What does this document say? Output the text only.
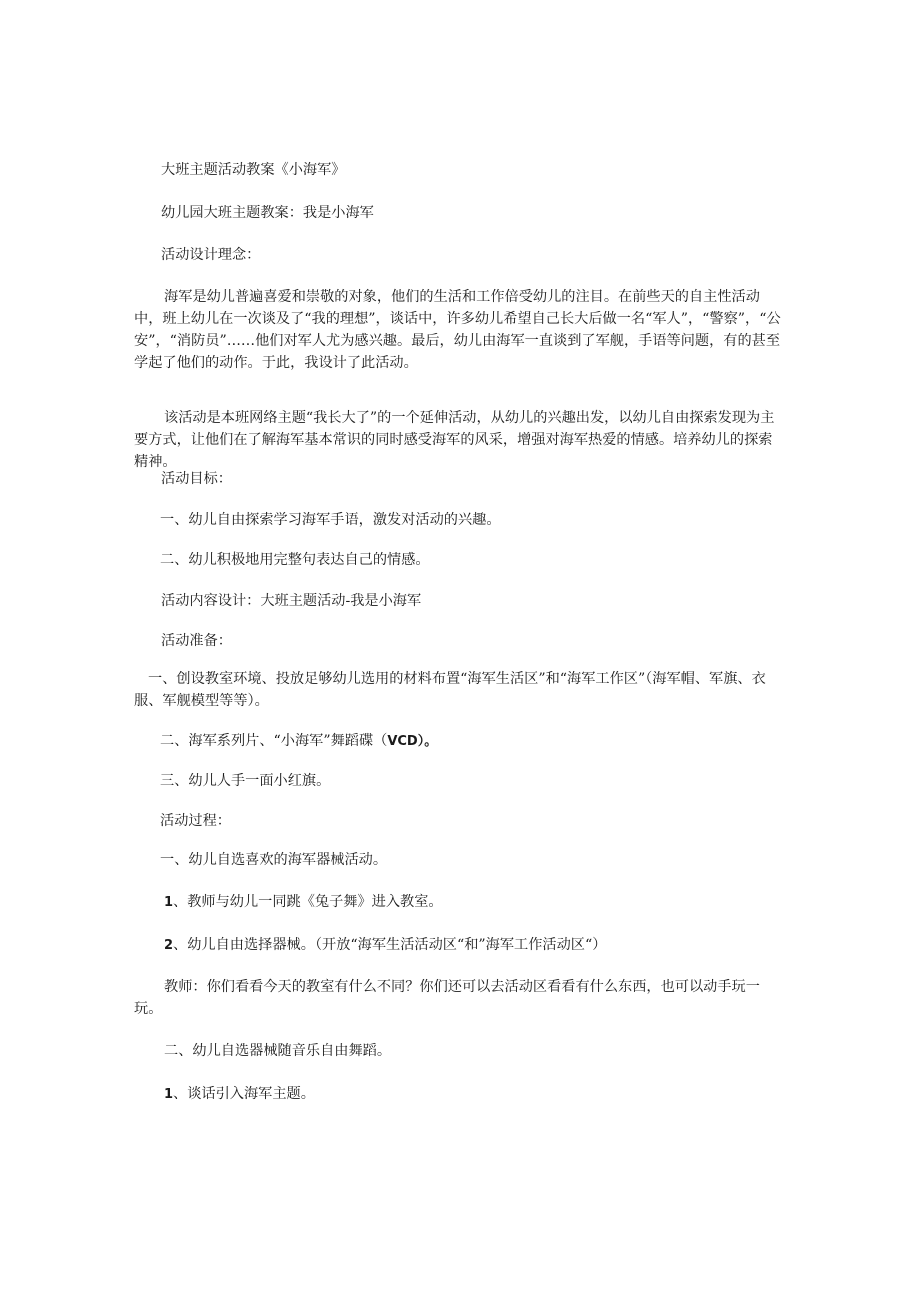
大班主题活动教案《小海军》

幼儿园大班主题教案：我是小海军

活动设计理念：

海军是幼儿普遍喜爱和崇敬的对象，他们的生活和工作倍受幼儿的注目。在前些天的自主性活动中，班上幼儿在一次谈及了“我的理想”，谈话中，许多幼儿希望自己长大后做一名“军人”，“警察”，“公安”，“消防员”……他们对军人尤为感兴趣。最后，幼儿由海军一直谈到了军舰，手语等问题，有的甚至学起了他们的动作。于此，我设计了此活动。

该活动是本班网络主题“我长大了”的一个延伸活动，从幼儿的兴趣出发，以幼儿自由探索发现为主要方式，让他们在了解海军基本常识的同时感受海军的风采，增强对海军热爱的情感。培养幼儿的探索精神。

活动目标：

一、幼儿自由探索学习海军手语，激发对活动的兴趣。

二、幼儿积极地用完整句表达自己的情感。

活动内容设计：大班主题活动-我是小海军

活动准备：

一、创设教室环境、投放足够幼儿选用的材料布置“海军生活区”和“海军工作区”（海军帽、军旗、衣服、军舰模型等等）。

二、海军系列片、“小海军”舞蹈碟（VCD）。

三、幼儿人手一面小红旗。

活动过程：

一、幼儿自选喜欢的海军器械活动。

1、教师与幼儿一同跳《兔子舞》进入教室。

2、幼儿自由选择器械。（开放“海军生活活动区“和”海军工作活动区“）

教师：你们看看今天的教室有什么不同？你们还可以去活动区看看有什么东西，也可以动手玩一玩。

二、幼儿自选器械随音乐自由舞蹈。

1、谈话引入海军主题。
